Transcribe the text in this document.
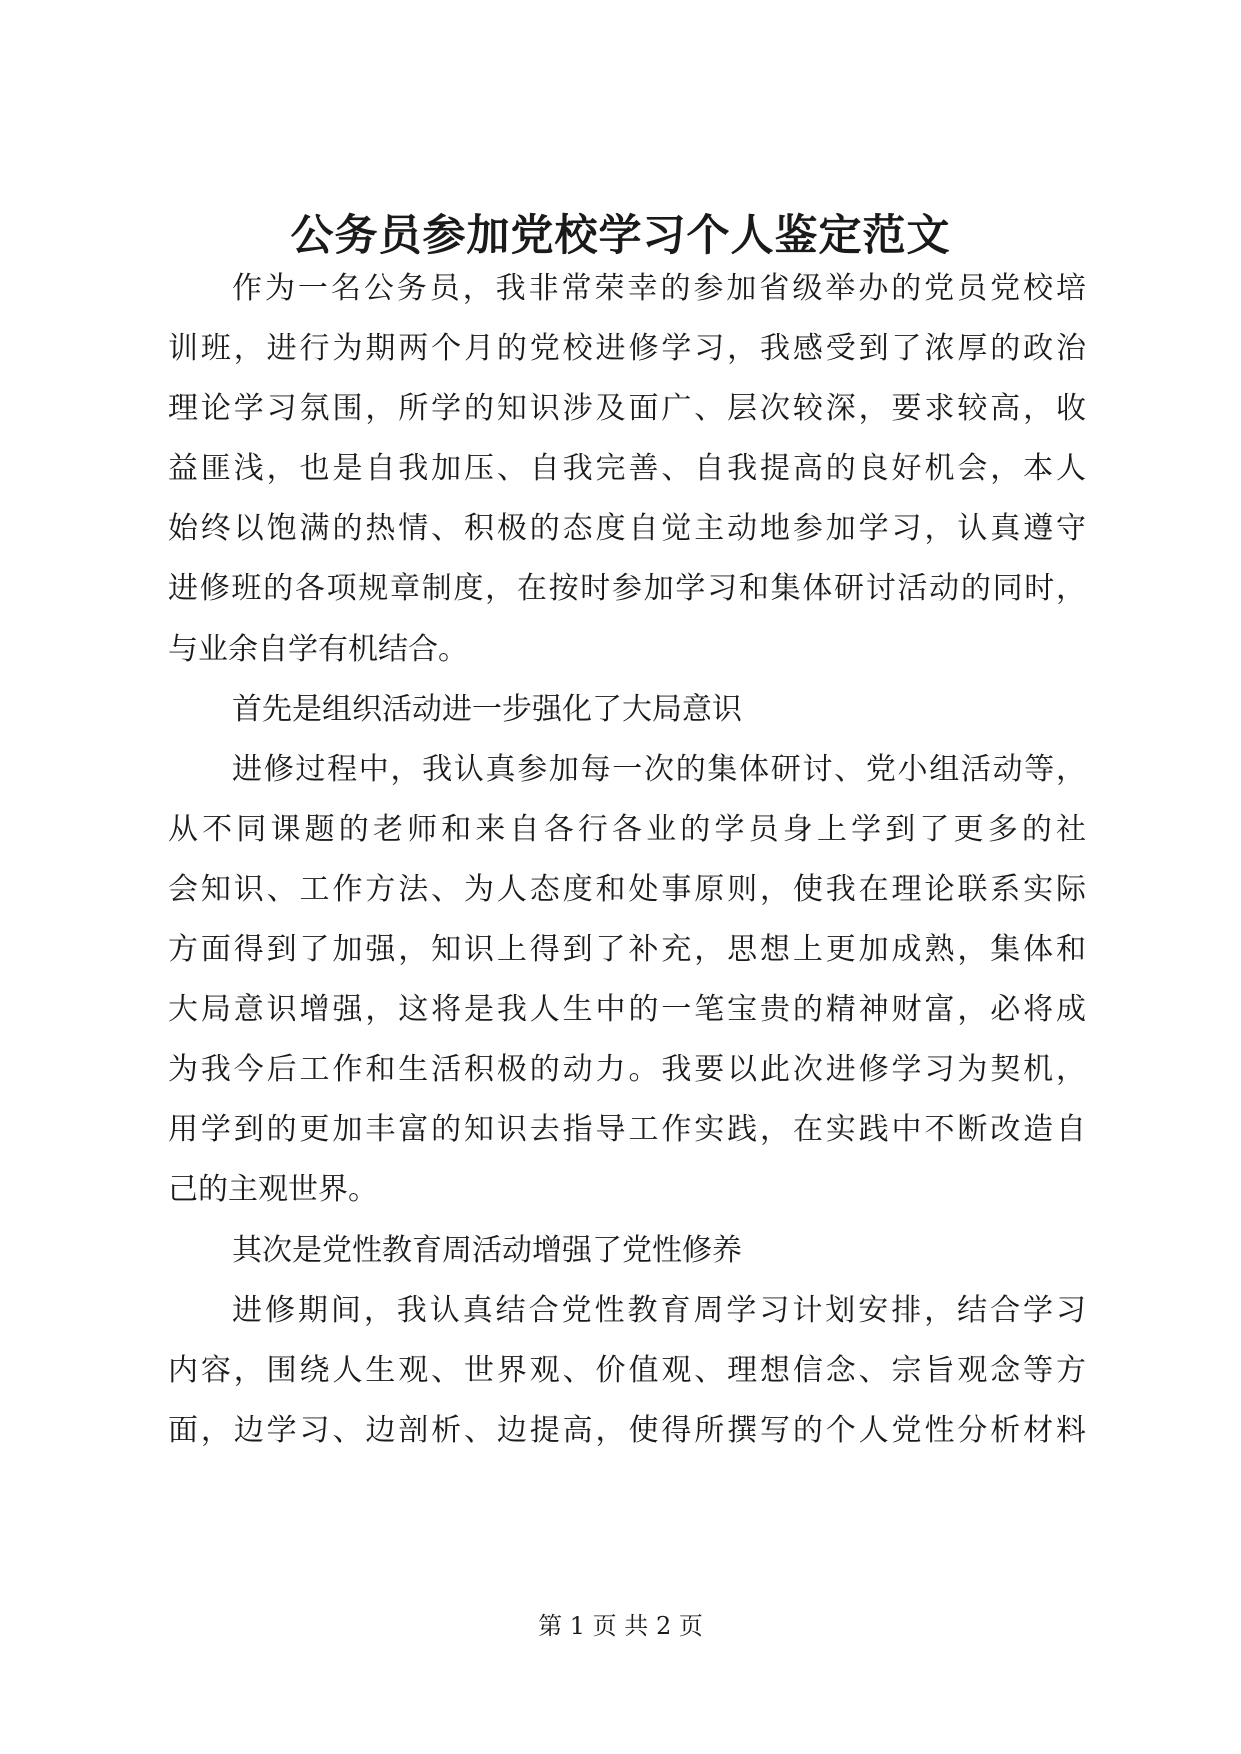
公务员参加党校学习个人鉴定范文
作为一名公务员，我非常荣幸的参加省级举办的党员党校培
训班，进行为期两个月的党校进修学习，我感受到了浓厚的政治
理论学习氛围，所学的知识涉及面广、层次较深，要求较高，收
益匪浅，也是自我加压、自我完善、自我提高的良好机会，本人
始终以饱满的热情、积极的态度自觉主动地参加学习，认真遵守
进修班的各项规章制度，在按时参加学习和集体研讨活动的同时，
与业余自学有机结合。
首先是组织活动进一步强化了大局意识
进修过程中，我认真参加每一次的集体研讨、党小组活动等，
从不同课题的老师和来自各行各业的学员身上学到了更多的社
会知识、工作方法、为人态度和处事原则，使我在理论联系实际
方面得到了加强，知识上得到了补充，思想上更加成熟，集体和
大局意识增强，这将是我人生中的一笔宝贵的精神财富，必将成
为我今后工作和生活积极的动力。我要以此次进修学习为契机，
用学到的更加丰富的知识去指导工作实践，在实践中不断改造自
己的主观世界。
其次是党性教育周活动增强了党性修养
进修期间，我认真结合党性教育周学习计划安排，结合学习
内容，围绕人生观、世界观、价值观、理想信念、宗旨观念等方
面，边学习、边剖析、边提高，使得所撰写的个人党性分析材料
第 1 页 共 2 页
